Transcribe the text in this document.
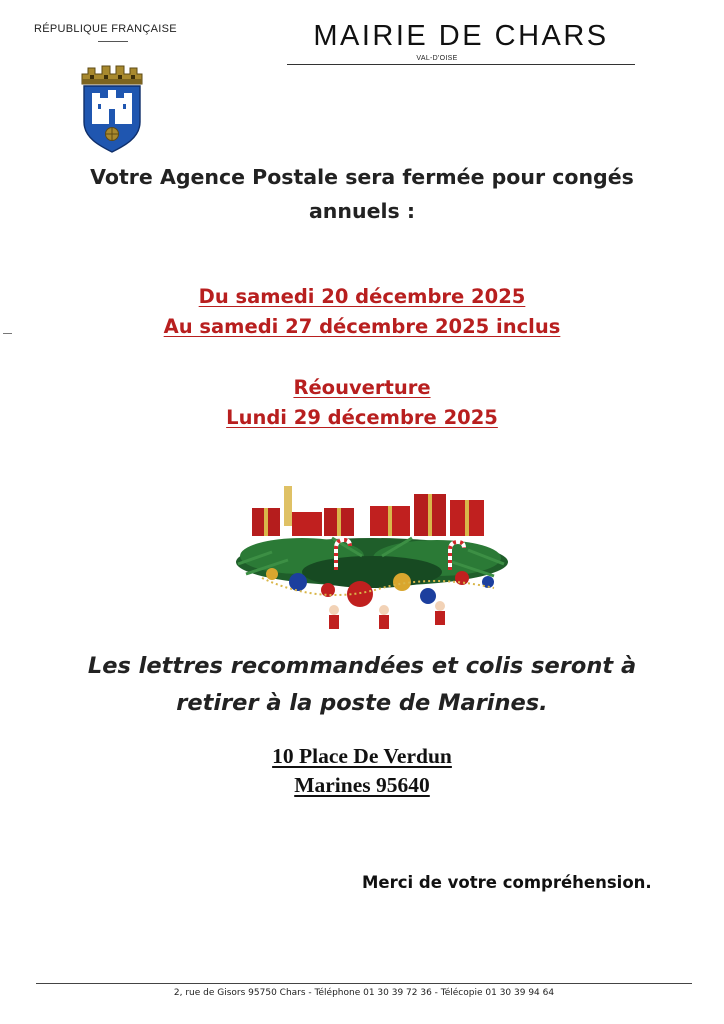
RÉPUBLIQUE FRANÇAISE	MAIRIE DE CHARS
VAL-D'OISE
Votre Agence Postale sera fermée pour congés
annuels :
Du samedi 20 décembre 2025
Au samedi 27 décembre 2025 inclus
Réouverture
Lundi 29 décembre 2025
Les lettres recommandées et colis seront à
retirer à la poste de Marines.
10 Place De Verdun
Marines 95640
Merci de votre compréhension.
2, rue de Gisors 95750 Chars - Téléphone 01 30 39 72 36 - Télécopie 01 30 39 94 64
